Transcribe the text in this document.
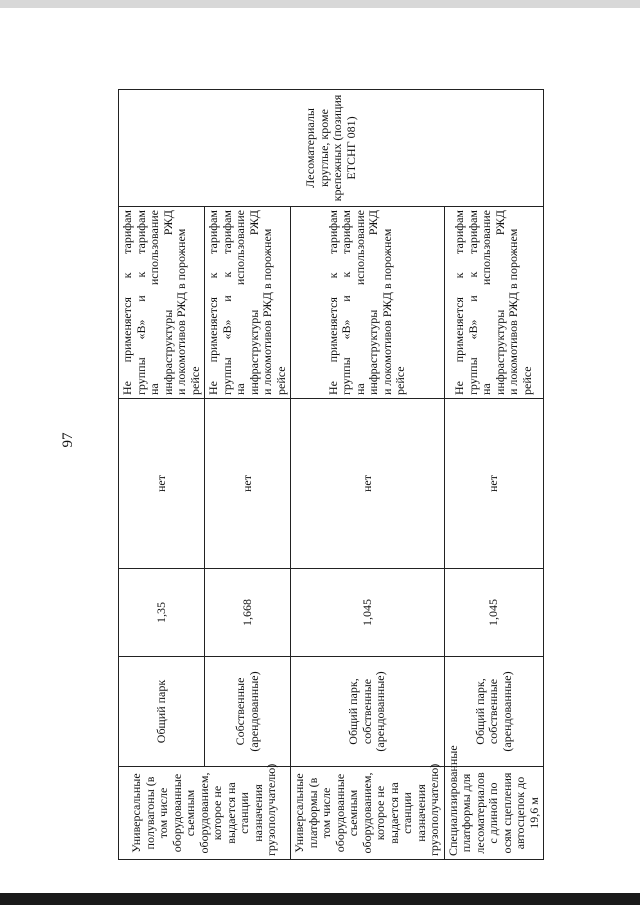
97
Универсальные полувагоны (в том числе оборудованные съемным оборудованием, которое не выдается на станции назначения грузополучателю)	Общий парк	1,35	нет	Не применяется к тарифам группы «В» и к тарифам на использование инфраструктуры РЖД и локомотивов РЖД в порожнем рейсе	Лесоматериалы круглые, кроме крепежных (позиция ЕТСНГ 081)
	Собственные (арендованные)	1,668	нет	Не применяется к тарифам группы «В» и к тарифам на использование инфраструктуры РЖД и локомотивов РЖД в порожнем рейсе	

Универсальные платформы (в том числе оборудованные съемным оборудованием, которое не выдается на станции назначения грузополучателю)	Общий парк, собственные (арендованные)	1,045	нет	Не применяется к тарифам группы «В» и к тарифам на использование инфраструктуры РЖД и локомотивов РЖД в порожнем рейсе	

Специализированные платформы для лесоматериалов с длиной по осям сцепления автосцепок до 19,6 м	Общий парк, собственные (арендованные)	1,045	нет	Не применяется к тарифам группы «В» и к тарифам на использование инфраструктуры РЖД и локомотивов РЖД в порожнем рейсе	
